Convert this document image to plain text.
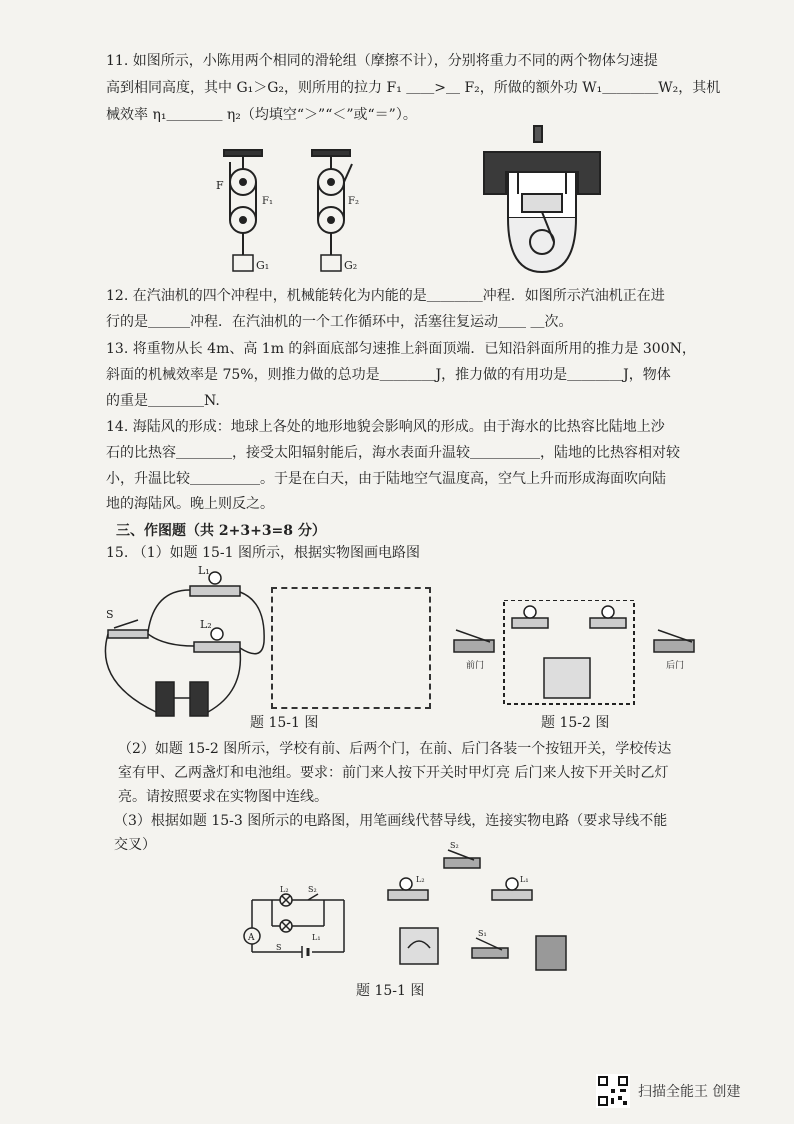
11. 如图所示，小陈用两个相同的滑轮组（摩擦不计），分别将重力不同的两个物体匀速提
高到相同高度，其中 G₁＞G₂，则所用的拉力 F₁ ＿＿>＿ F₂，所做的额外功 W₁＿＿＿＿W₂，其机
械效率 η₁＿＿＿＿ η₂（均填空“＞”“＜”或“＝”）。
F
F₁	F₂
G₁	G₂
12. 在汽油机的四个冲程中，机械能转化为内能的是＿＿＿＿冲程．如图所示汽油机正在进
行的是＿＿＿冲程．在汽油机的一个工作循环中，活塞往复运动＿＿ ＿次。
13. 将重物从长 4m、高 1m 的斜面底部匀速推上斜面顶端．已知沿斜面所用的推力是 300N，
斜面的机械效率是 75%，则推力做的总功是＿＿＿＿J，推力做的有用功是＿＿＿＿J，物体
的重是＿＿＿＿N.
14. 海陆风的形成：地球上各处的地形地貌会影响风的形成。由于海水的比热容比陆地上沙
石的比热容＿＿＿＿，接受太阳辐射能后，海水表面升温较＿＿＿＿＿，陆地的比热容相对较
小，升温比较＿＿＿＿＿。于是在白天，由于陆地空气温度高，空气上升而形成海面吹向陆
地的海陆风。晚上则反之。
三、作图题（共 2+3+3=8 分）
15. （1）如题 15-1 图所示，根据实物图画电路图
S
L₁
L₂
题 15-1 图
前门	后门
题 15-2 图
（2）如题 15-2 图所示，学校有前、后两个门，在前、后门各装一个按钮开关，学校传达
室有甲、乙两盏灯和电池组。要求：前门来人按下开关时甲灯亮 后门来人按下开关时乙灯
亮。请按照要求在实物图中连线。
（3）根据如题 15-3 图所示的电路图，用笔画线代替导线，连接实物电路（要求导线不能
交叉）
A
L₂ S₂
L₁
S
S₂
L₂	L₁
S₁
题 15-1 图
扫描全能王 创建
